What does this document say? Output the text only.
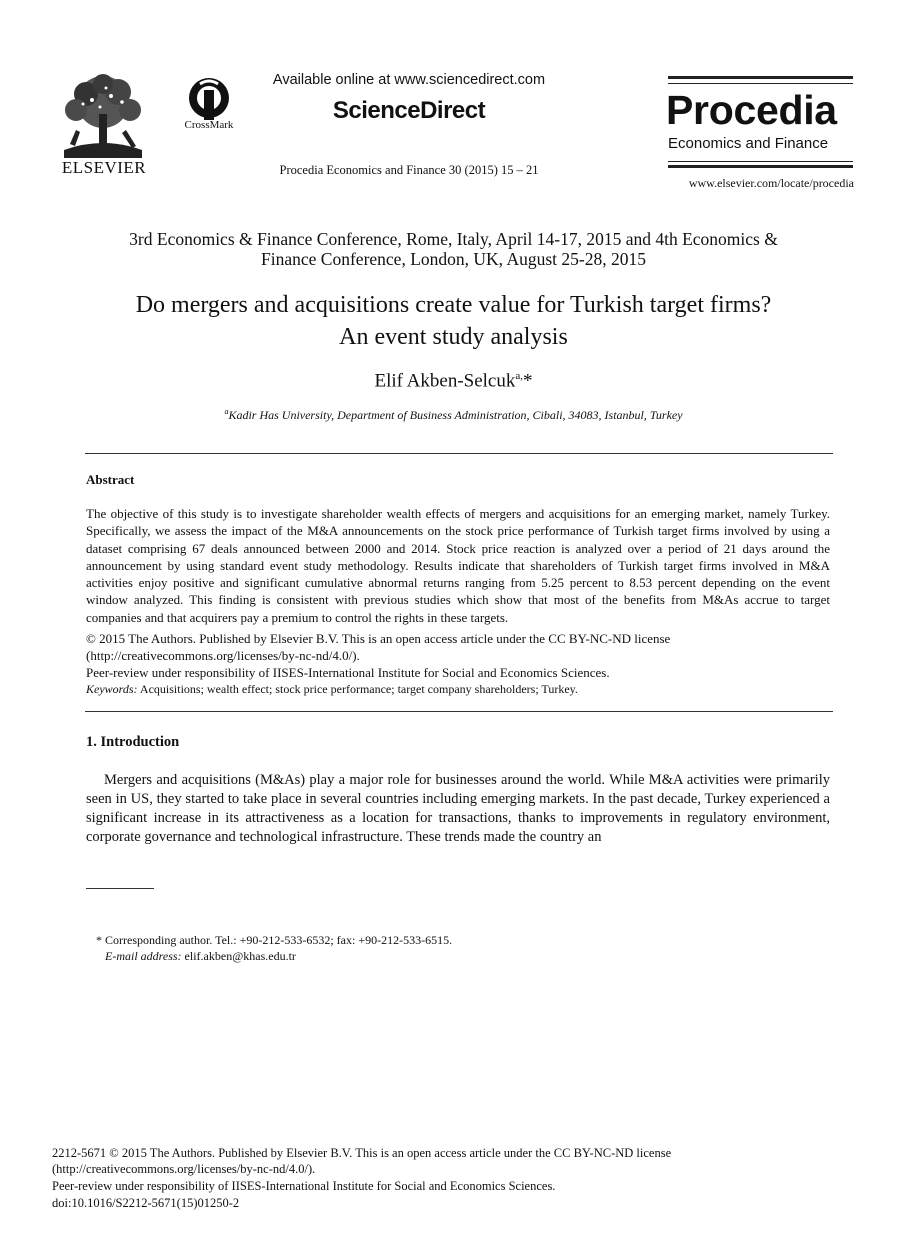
ELSEVIER
CrossMark
Available online at www.sciencedirect.com
ScienceDirect
Procedia Economics and Finance 30 (2015) 15 – 21
Procedia
Economics and Finance
www.elsevier.com/locate/procedia
3rd Economics & Finance Conference, Rome, Italy, April 14-17, 2015 and 4th Economics &
Finance Conference, London, UK, August 25-28, 2015
Do mergers and acquisitions create value for Turkish target firms?
An event study analysis
Elif Akben-Selcuk$^{a,}$*
$^a$Kadir Has University, Department of Business Administration, Cibali, 34083, Istanbul, Turkey
Abstract

The objective of this study is to investigate shareholder wealth effects of mergers and acquisitions for an emerging market, namely Turkey. Specifically, we assess the impact of the M&A announcements on the stock price performance of Turkish target firms involved by using a dataset comprising 67 deals announced between 2000 and 2014. Stock price reaction is analyzed over a period of 21 days around the announcement by using standard event study methodology. Results indicate that shareholders of Turkish target firms involved in M&A activities enjoy positive and significant cumulative abnormal returns ranging from 5.25 percent to 8.53 percent depending on the event window analyzed. This finding is consistent with previous studies which show that most of the benefits from M&As accrue to target companies and that acquirers pay a premium to control the rights in these targets.

© 2015 The Authors. Published by Elsevier B.V. This is an open access article under the CC BY-NC-ND license
(http://creativecommons.org/licenses/by-nc-nd/4.0/).
Peer-review under responsibility of IISES-International Institute for Social and Economics Sciences.
Keywords: Acquisitions; wealth effect; stock price performance; target company shareholders; Turkey.
1. Introduction
Mergers and acquisitions (M&As) play a major role for businesses around the world. While M&A activities were primarily seen in US, they started to take place in several countries including emerging markets. In the past decade, Turkey experienced a significant increase in its attractiveness as a location for transactions, thanks to improvements in regulatory environment, corporate governance and technological infrastructure. These trends made the country an
* Corresponding author. Tel.: +90-212-533-6532; fax: +90-212-533-6515.
E-mail address: elif.akben@khas.edu.tr
2212-5671 © 2015 The Authors. Published by Elsevier B.V. This is an open access article under the CC BY-NC-ND license
(http://creativecommons.org/licenses/by-nc-nd/4.0/).
Peer-review under responsibility of IISES-International Institute for Social and Economics Sciences.
doi:10.1016/S2212-5671(15)01250-2
